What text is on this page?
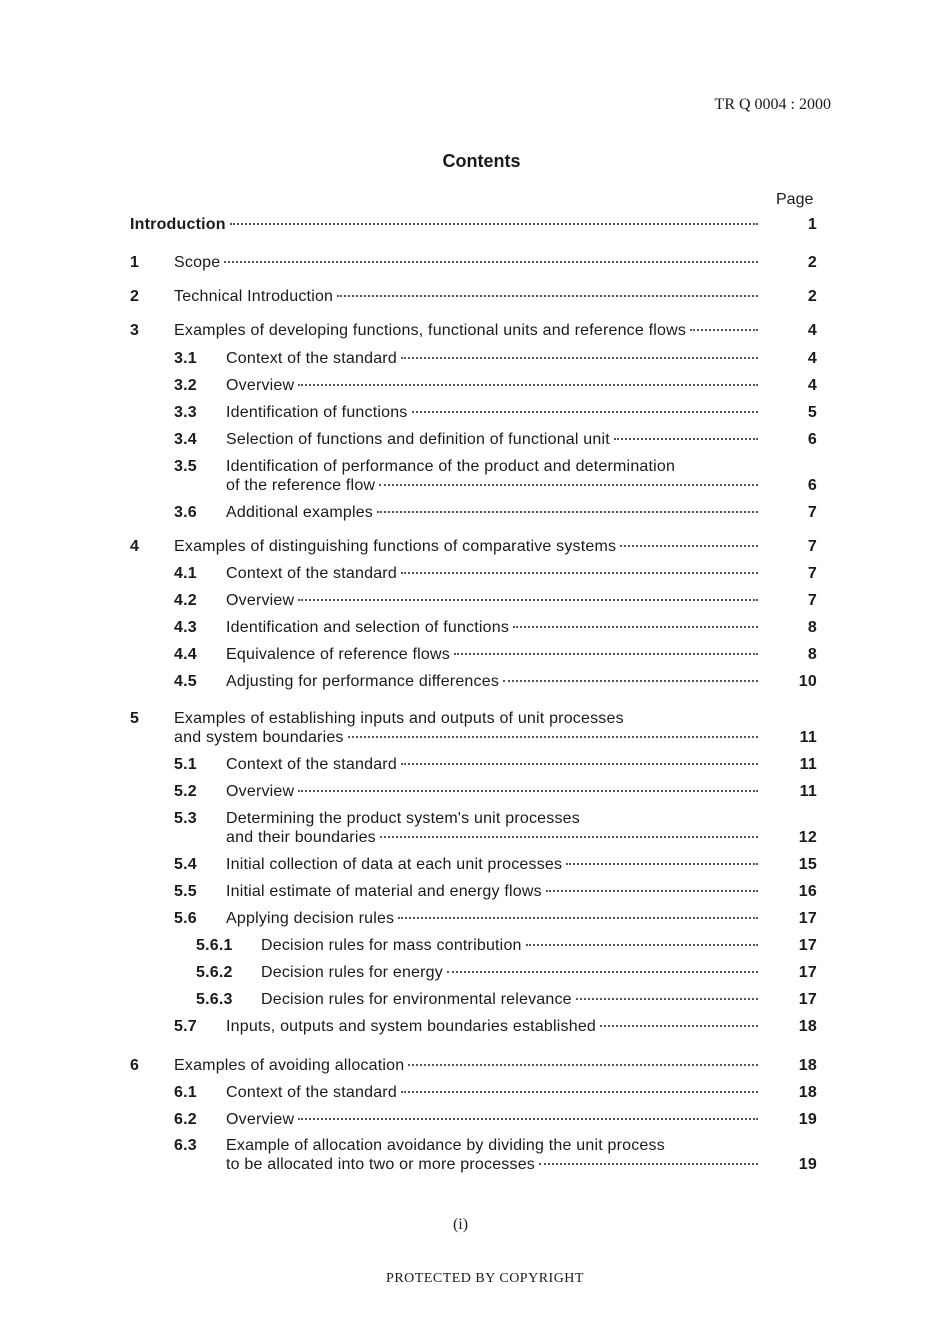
TR Q 0004 : 2000
Contents
Page
Introduction	1
1 Scope	2
2 Technical Introduction	2
3 Examples of developing functions, functional units and reference flows	4
3.1 Context of the standard	4
3.2 Overview	4
3.3 Identification of functions	5
3.4 Selection of functions and definition of functional unit	6
3.5 Identification of performance of the product and determination
of the reference flow	6
3.6 Additional examples	7
4 Examples of distinguishing functions of comparative systems	7
4.1 Context of the standard	7
4.2 Overview	7
4.3 Identification and selection of functions	8
4.4 Equivalence of reference flows	8
4.5 Adjusting for performance differences	10
5 Examples of establishing inputs and outputs of unit processes
and system boundaries	11
5.1 Context of the standard	11
5.2 Overview	11
5.3 Determining the product system's unit processes
and their boundaries	12
5.4 Initial collection of data at each unit processes	15
5.5 Initial estimate of material and energy flows	16
5.6 Applying decision rules	17
5.6.1 Decision rules for mass contribution	17
5.6.2 Decision rules for energy	17
5.6.3 Decision rules for environmental relevance	17
5.7 Inputs, outputs and system boundaries established	18
6 Examples of avoiding allocation	18
6.1 Context of the standard	18
6.2 Overview	19
6.3 Example of allocation avoidance by dividing the unit process
to be allocated into two or more processes	19
(i)
PROTECTED BY COPYRIGHT
